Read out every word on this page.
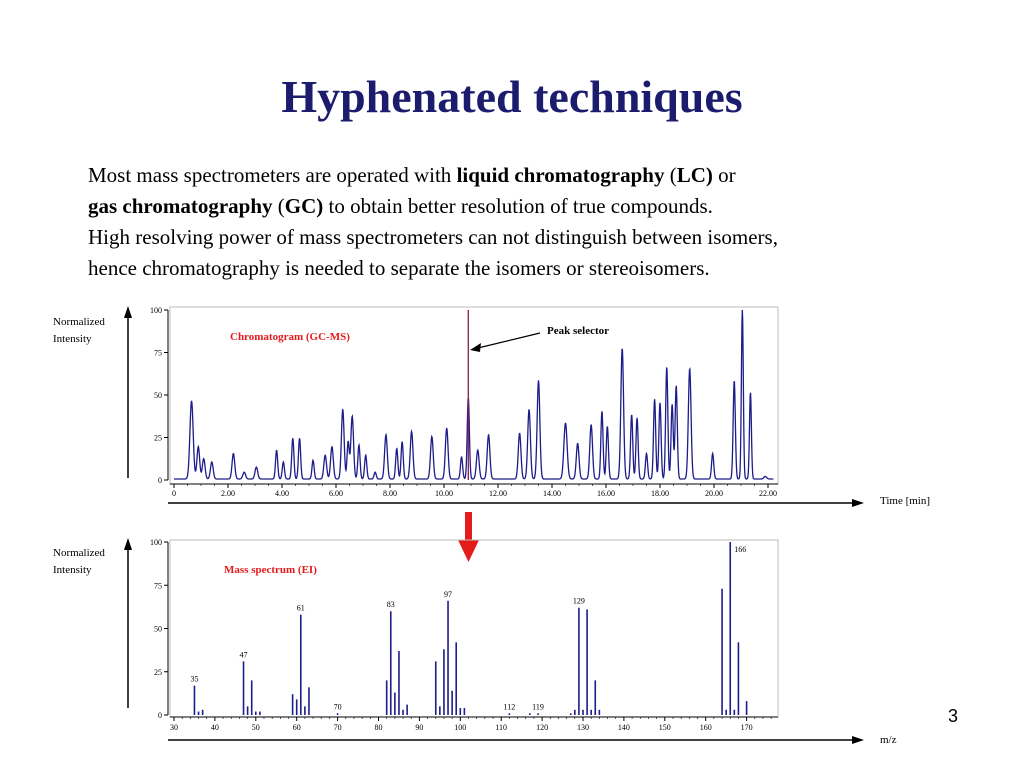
Hyphenated techniques

Most mass spectrometers are operated with liquid chromatography (LC) or

gas chromatography (GC) to obtain better resolution of true compounds.

High resolving power of mass spectrometers can not distinguish between isomers,

hence chromatography is needed to separate the isomers or stereoisomers.

Normalized
Intensity
Time [min]
Chromatogram (GC-MS)	Peak selector
0
25
50
75
100
0	2.00	4.00	6.00	8.00	10.00	12.00	14.00	16.00	18.00	20.00	22.00
Normalized
Intensity
m/z
Mass spectrum (EI)
0
25
50
75
100
30	40	50	60	70	80	90	100	110	120	130	140	150	160	170
35
47
61
70
83
97
112 119
129
166
3
